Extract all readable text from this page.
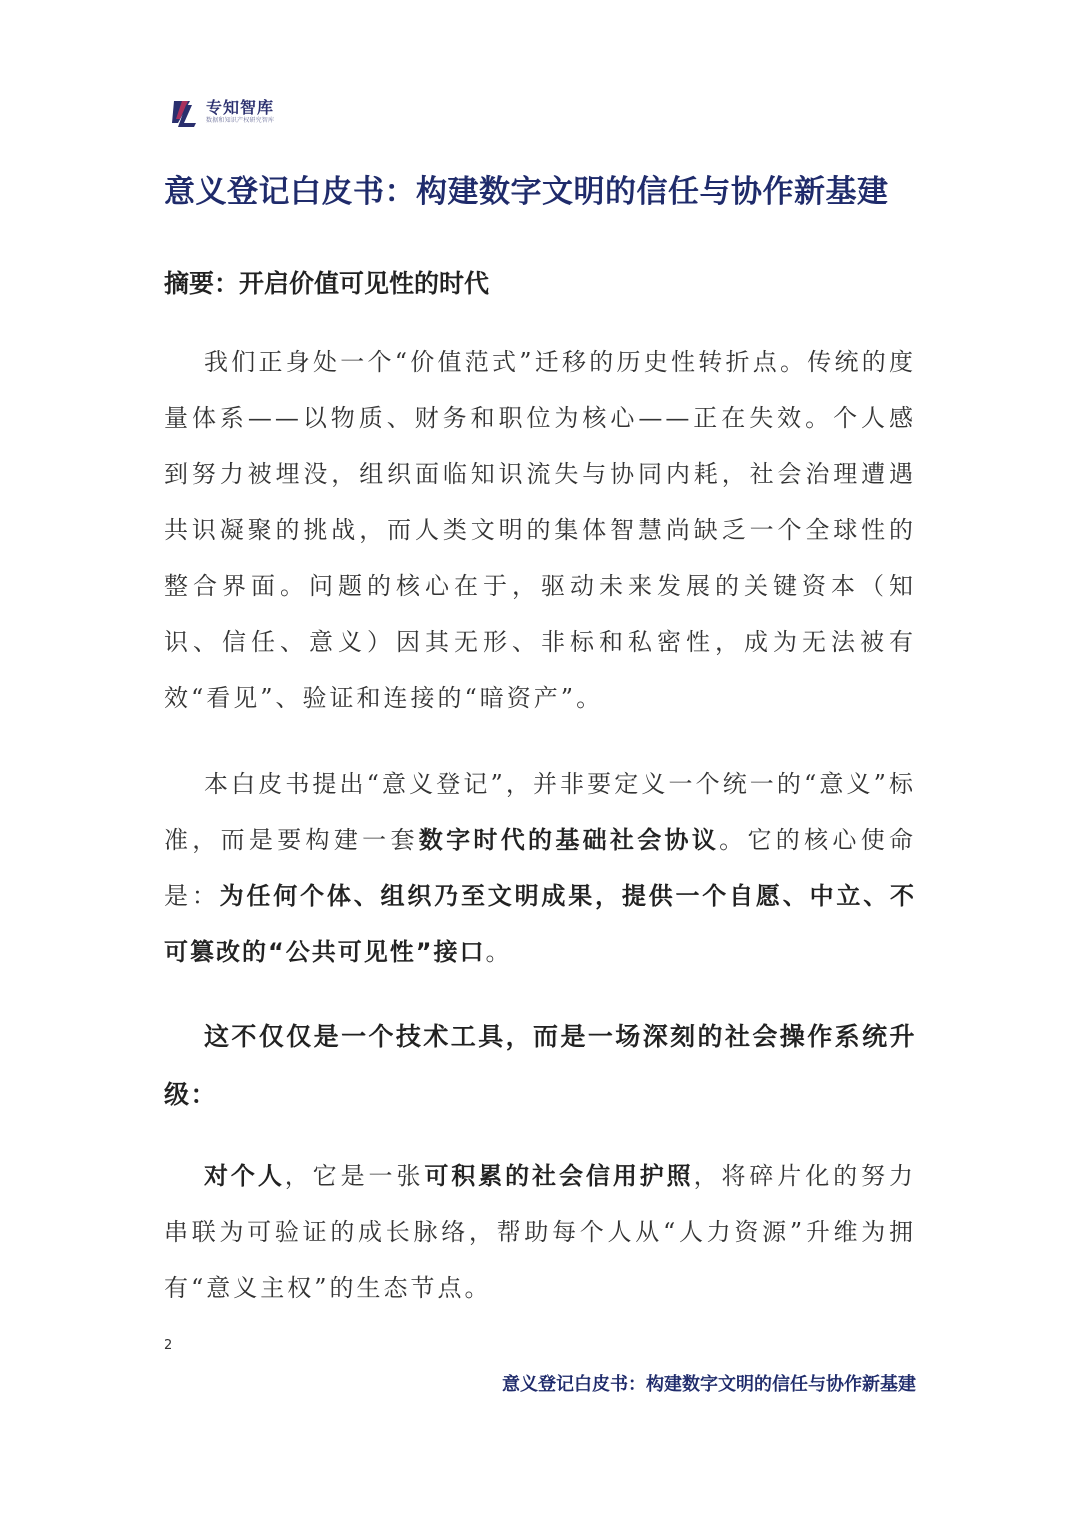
专知智库
数据和知识产权研究智库
意义登记白皮书：构建数字文明的信任与协作新基建
摘要：开启价值可见性的时代
我们正身处一个“价值范式”迁移的历史性转折点。传统的度量体系——以物质、财务和职位为核心——正在失效。个人感到努力被埋没，组织面临知识流失与协同内耗，社会治理遭遇共识凝聚的挑战，而人类文明的集体智慧尚缺乏一个全球性的整合界面。问题的核心在于，驱动未来发展的关键资本（知识、信任、意义）因其无形、非标和私密性，成为无法被有效“看见”、验证和连接的“暗资产”。
本白皮书提出“意义登记”，并非要定义一个统一的“意义”标准，而是要构建一套数字时代的基础社会协议。它的核心使命是：为任何个体、组织乃至文明成果，提供一个自愿、中立、不可篡改的“公共可见性”接口。
这不仅仅是一个技术工具，而是一场深刻的社会操作系统升级：
对个人，它是一张可积累的社会信用护照，将碎片化的努力串联为可验证的成长脉络，帮助每个人从“人力资源”升维为拥有“意义主权”的生态节点。
2
意义登记白皮书：构建数字文明的信任与协作新基建
